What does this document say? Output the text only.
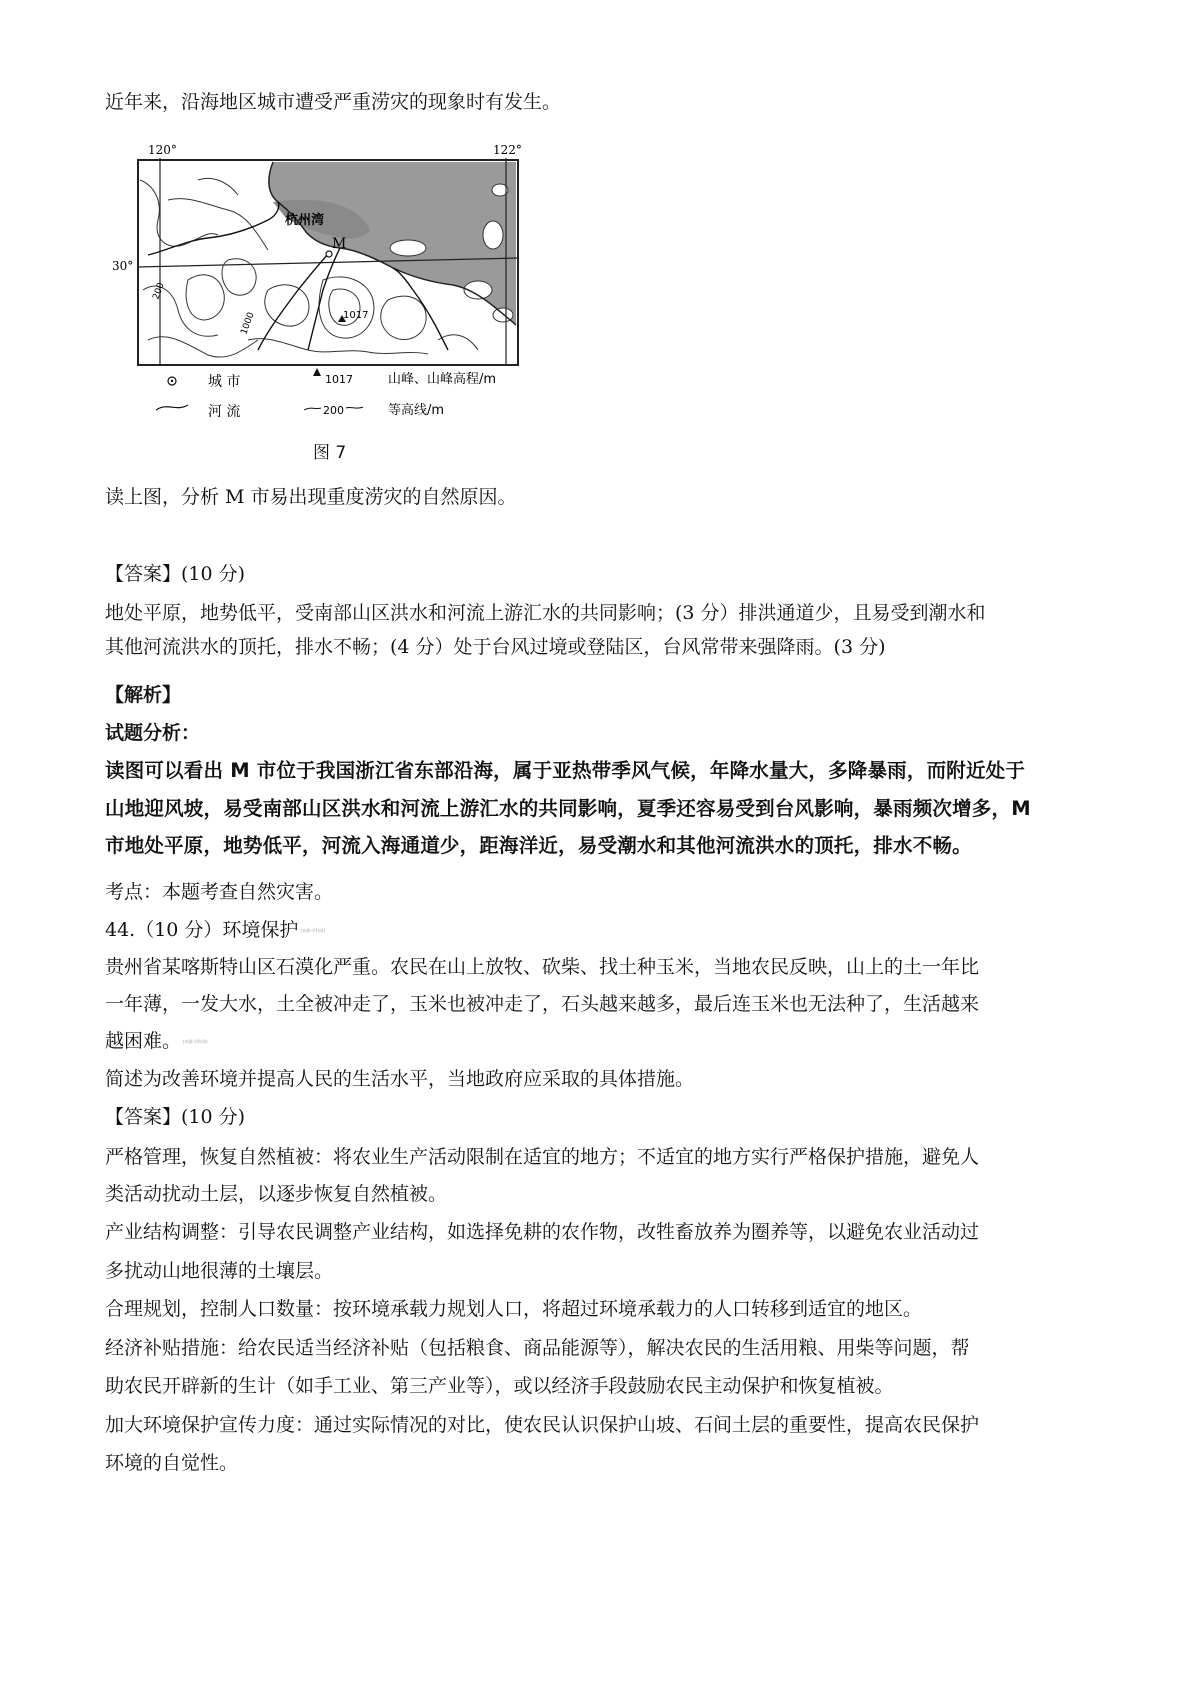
近年来，沿海地区城市遭受严重涝灾的现象时有发生。
120°	122°
30°
杭州湾
M
200
1000	1017
城 市	1017	山峰、山峰高程/m
河 流	200	等高线/m
图 7
读上图，分析 M 市易出现重度涝灾的自然原因。
【答案】(10 分)
地处平原，地势低平，受南部山区洪水和河流上游汇水的共同影响；(3 分）排洪通道少，且易受到潮水和
其他河流洪水的顶托，排水不畅；(4 分）处于台风过境或登陆区，台风常带来强降雨。(3 分)
【解析】
试题分析：
读图可以看出 M 市位于我国浙江省东部沿海，属于亚热带季风气候，年降水量大，多降暴雨，而附近处于
山地迎风坡，易受南部山区洪水和河流上游汇水的共同影响，夏季还容易受到台风影响，暴雨频次增多，M
市地处平原，地势低平，河流入海通道少，距海洋近，易受潮水和其他河流洪水的顶托，排水不畅。
考点：本题考查自然灾害。
44.（10 分）环境保护 [来源:学科网]
贵州省某喀斯特山区石漠化严重。农民在山上放牧、砍柴、找土种玉米，当地农民反映，山上的土一年比
一年薄，一发大水，土全被冲走了，玉米也被冲走了，石头越来越多，最后连玉米也无法种了，生活越来
越困难。 [来源:学科网]
简述为改善环境并提高人民的生活水平，当地政府应采取的具体措施。
【答案】(10 分)
严格管理，恢复自然植被：将农业生产活动限制在适宜的地方；不适宜的地方实行严格保护措施，避免人
类活动扰动土层，以逐步恢复自然植被。
产业结构调整：引导农民调整产业结构，如选择免耕的农作物，改牲畜放养为圈养等，以避免农业活动过
多扰动山地很薄的土壤层。
合理规划，控制人口数量：按环境承载力规划人口，将超过环境承载力的人口转移到适宜的地区。
经济补贴措施：给农民适当经济补贴（包括粮食、商品能源等），解决农民的生活用粮、用柴等问题，帮
助农民开辟新的生计（如手工业、第三产业等），或以经济手段鼓励农民主动保护和恢复植被。
加大环境保护宣传力度：通过实际情况的对比，使农民认识保护山坡、石间土层的重要性，提高农民保护
环境的自觉性。
